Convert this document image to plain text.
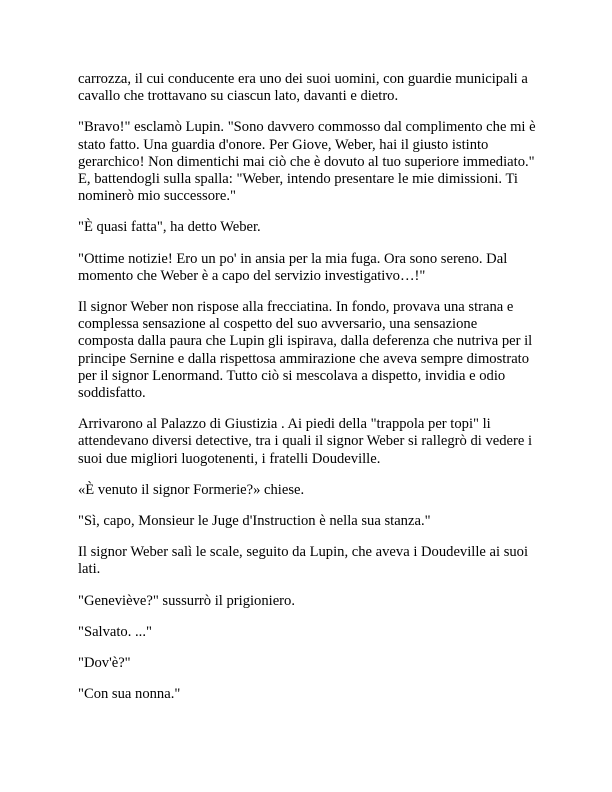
carrozza, il cui conducente era uno dei suoi uomini, con guardie municipali a cavallo che trottavano su ciascun lato, davanti e dietro.

"Bravo!" esclamò Lupin. "Sono davvero commosso dal complimento che mi è stato fatto. Una guardia d'onore. Per Giove, Weber, hai il giusto istinto gerarchico! Non dimentichi mai ciò che è dovuto al tuo superiore immediato." E, battendogli sulla spalla: "Weber, intendo presentare le mie dimissioni. Ti nominerò mio successore."

"È quasi fatta", ha detto Weber.

"Ottime notizie! Ero un po' in ansia per la mia fuga. Ora sono sereno. Dal momento che Weber è a capo del servizio investigativo…!"

Il signor Weber non rispose alla frecciatina. In fondo, provava una strana e complessa sensazione al cospetto del suo avversario, una sensazione composta dalla paura che Lupin gli ispirava, dalla deferenza che nutriva per il principe Sernine e dalla rispettosa ammirazione che aveva sempre dimostrato per il signor Lenormand. Tutto ciò si mescolava a dispetto, invidia e odio soddisfatto.

Arrivarono al Palazzo di Giustizia . Ai piedi della "trappola per topi" li attendevano diversi detective, tra i quali il signor Weber si rallegrò di vedere i suoi due migliori luogotenenti, i fratelli Doudeville.

«È venuto il signor Formerie?» chiese.

"Sì, capo, Monsieur le Juge d'Instruction è nella sua stanza."

Il signor Weber salì le scale, seguito da Lupin, che aveva i Doudeville ai suoi lati.

"Geneviève?" sussurrò il prigioniero.

"Salvato. ..."

"Dov'è?"

"Con sua nonna."
